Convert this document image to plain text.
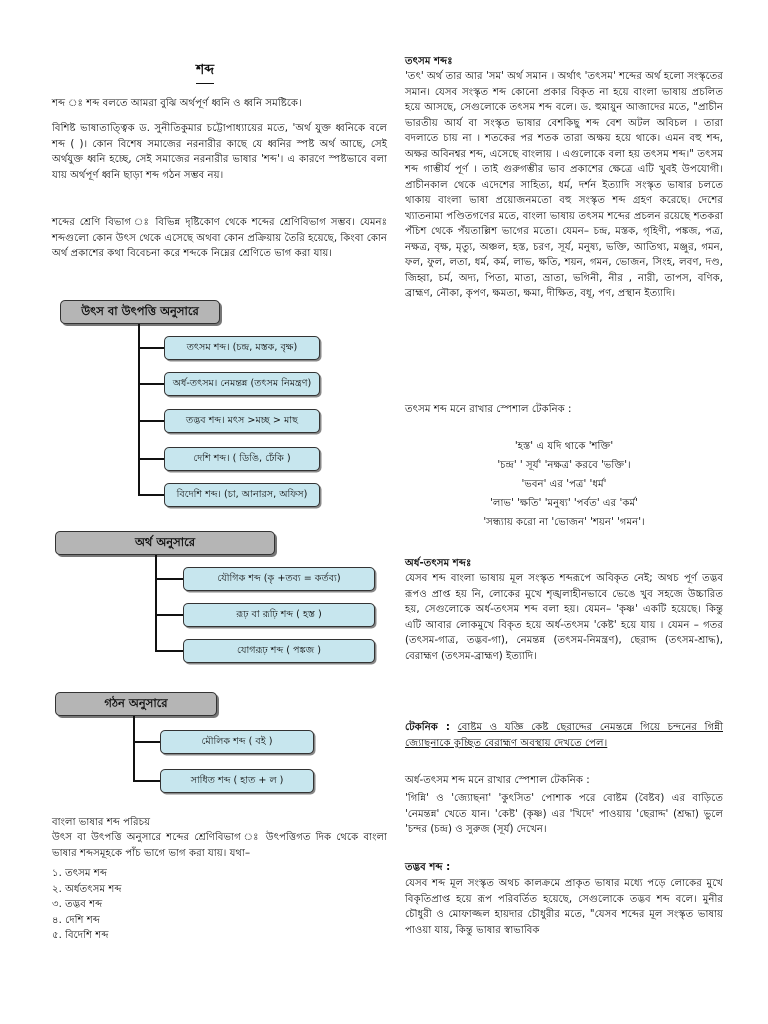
শব্দ

শব্দ ঃ শব্দ বলতে আমরা বুঝি অর্থপূর্ণ ধ্বনি ও ধ্বনি সমষ্টিকে।

বিশিষ্ট ভাষাতাত্ত্বিক ড. সুনীতিকুমার চট্টোপাধ্যায়ের মতে, 'অর্থ যুক্ত ধ্বনিকে বলে শব্দ ( )। কোন বিশেষ সমাজের নরনারীর কাছে যে ধ্বনির স্পষ্ট অর্থ আছে, সেই অর্থযুক্ত ধ্বনি হচ্ছে, সেই সমাজের নরনারীর ভাষার 'শব্দ'। এ কারণে স্পষ্টভাবে বলা যায় অর্থপূর্ণ ধ্বনি ছাড়া শব্দ গঠন সম্ভব নয়।

শব্দের শ্রেণি বিভাগ ঃ বিভিন্ন দৃষ্টিকোণ থেকে শব্দের শ্রেণিবিভাগ সম্ভব। যেমনঃ শব্দগুলো কোন উৎস থেকে এসেছে অথবা কোন প্রক্রিয়ায় তৈরি হয়েছে, কিংবা কোন অর্থ প্রকাশের কথা বিবেচনা করে শব্দকে নিম্নের শ্রেণিতে ভাগ করা যায়।

উৎস বা উৎপত্তি অনুসারে
তৎসম শব্দ। (চন্দ্র, মস্তক, বৃক্ষ)
অর্ধ-তৎসম। নেমন্তন্ন (তৎসম নিমন্ত্রণ)
তদ্ভব শব্দ। মৎস >মচ্ছ > মাছ
দেশি শব্দ। ( ডিঙি, ঢেঁকি )
বিদেশি শব্দ। (চা, আনারস, অফিস)
অর্থ অনুসারে
যৌগিক শব্দ (কৃ +তব্য = কর্তব্য)
রূঢ় বা রূঢ়ি শব্দ ( হস্ত )
যোগরূঢ় শব্দ ( পঙ্কজ )
গঠন অনুসারে
মৌলিক শব্দ ( বই )
সাধিত শব্দ ( হাত + ল )

বাংলা ভাষার শব্দ পরিচয়

উৎস বা উৎপত্তি অনুসারে শব্দের শ্রেণিবিভাগ ঃ উৎপত্তিগত দিক থেকে বাংলা ভাষার শব্দসমূহকে পাঁচ ভাগে ভাগ করা যায়। যথা–

১. তৎসম শব্দ
২. অর্ধতৎসম শব্দ
৩. তদ্ভব শব্দ
৪. দেশি শব্দ
৫. বিদেশি শব্দ

তৎসম শব্দঃ

'তৎ' অর্থ তার আর 'সম' অর্থ সমান । অর্থাৎ 'তৎসম' শব্দের অর্থ হলো সংস্কৃতের সমান। যেসব সংস্কৃত শব্দ কোনো প্রকার বিকৃত না হয়ে বাংলা ভাষায় প্রচলিত হয়ে আসছে, সেগুলোকে তৎসম শব্দ বলে। ড. হুমায়ুন আজাদের মতে, "প্রাচীন ভারতীয় আর্য বা সংস্কৃত ভাষার বেশকিছু শব্দ বেশ অটল অবিচল । তারা বদলাতে চায় না । শতকের পর শতক তারা অক্ষয় হয়ে থাকে। এমন বহু শব্দ, অক্ষর অবিনশ্বর শব্দ, এসেছে বাংলায় । এগুলোকে বলা হয় তৎসম শব্দ।" তৎসম শব্দ গাম্ভীর্য পূর্ণ । তাই গুরুগম্ভীর ভাব প্রকাশের ক্ষেত্রে এটি খুবই উপযোগী। প্রাচীনকাল থেকে এদেশের সাহিত্য, ধর্ম, দর্শন ইত্যাদি সংস্কৃত ভাষার চলতে থাকায় বাংলা ভাষা প্রয়োজনমতো বহু সংস্কৃত শব্দ গ্রহণ করেছে। দেশের খ্যাতনামা পণ্ডিতগণের মতে, বাংলা ভাষায় তৎসম শব্দের প্রচলন রয়েছে শতকরা পঁচিশ থেকে পঁয়তাল্লিশ ভাগের মতো। যেমন– চন্দ্র, মস্তক, গৃহিণী, পঙ্কজ, পত্র, নক্ষত্র, বৃক্ষ, মৃত্যু, অঞ্চল, হস্ত, চরণ, সূর্য, মনুষ্য, ভক্তি, আতিথ্য, মঞ্জুর, গমন, ফল, ফুল, লতা, ধর্ম, কর্ম, লাভ, ক্ষতি, শয়ন, গমন, ভোজন, সিংহ, লবণ, দণ্ড, জিহ্বা, চর্ম, অদ্য, পিতা, মাতা, ভ্রাতা, ভগিনী, নীর , নারী, তাপস, বণিক, ব্রাহ্মণ, নৌকা, কৃপণ, ক্ষমতা, ক্ষমা, দীক্ষিত, বধূ, পণ, প্রস্থান ইত্যাদি।

তৎসম শব্দ মনে রাখার স্পেশাল টেকনিক :

'হস্ত' এ যদি থাকে 'শক্তি'
'চন্দ্র' ' সূর্য' 'নক্ষত্র' করবে 'ভক্তি'।
'ভবন' এর 'পত্র' 'ধর্ম'
'লাভ' 'ক্ষতি' 'মনুষ্য' 'পর্বত' এর 'কর্ম'
'সন্ধ্যায় করো না 'ভোজন' 'শয়ন' 'গমন'।

অর্ধ-তৎসম শব্দঃ

যেসব শব্দ বাংলা ভাষায় মূল সংস্কৃত শব্দরূপে অবিকৃত নেই; অথচ পূর্ণ তদ্ভব রূপও প্রাপ্ত হয় নি, লোকের মুখে শৃঙ্খলাহীনভাবে ভেঙে খুব সহজে উচ্চারিত হয়, সেগুলোকে অর্ধ-তৎসম শব্দ বলা হয়। যেমন– 'কৃষ্ণ' একটি হয়েছে। কিন্তু এটি আবার লোকমুখে বিকৃত হয়ে অর্ধ-তৎসম 'কেষ্ট' হয়ে যায় । যেমন – গতর (তৎসম-গাত্র, তদ্ভব-গা), নেমন্তন্ন (তৎসম-নিমন্ত্রণ), ছেরাদ্দ (তৎসম-শ্রাদ্ধ), বেরাহ্মণ (তৎসম-ব্রাহ্মণ) ইত্যাদি।

টেকনিক : বোষ্টম ও যজ্ঞি কেষ্ট ছেরাদ্দের নেমন্তন্নে গিয়ে চন্দনের গিন্নী জ্যোছনাকে কুচ্ছিত বেরাহ্মণ অবস্থায় দেখতে পেল।

অর্ধ-তৎসম শব্দ মনে রাখার স্পেশাল টেকনিক :

'গিন্নি' ও 'জ্যোছনা' 'কুৎসিত' পোশাক পরে বোষ্টম (বৈষ্টব) এর বাড়িতে 'নেমন্তন্ন' খেতে যান। 'কেষ্ট' (কৃষ্ণ) এর 'খিদে' পাওয়ায় 'ছেরাদ্দ' (শ্রদ্ধা) ভুলে 'চন্দর (চন্দ্র) ও সুরুজ (সূর্য) দেখেন।

তদ্ভব শব্দ :

যেসব শব্দ মূল সংস্কৃত অথচ কালক্রমে প্রাকৃত ভাষার মধ্যে পড়ে লোকের মুখে বিকৃতিপ্রাপ্ত হয়ে রূপ পরিবর্তিত হয়েছে, সেগুলোকে তদ্ভব শব্দ বলে। মুনীর চৌধুরী ও মোফাজ্জল হায়দার চৌধুরীর মতে, "যেসব শব্দের মূল সংস্কৃত ভাষায় পাওয়া যায়, কিন্তু ভাষার স্বাভাবিক
